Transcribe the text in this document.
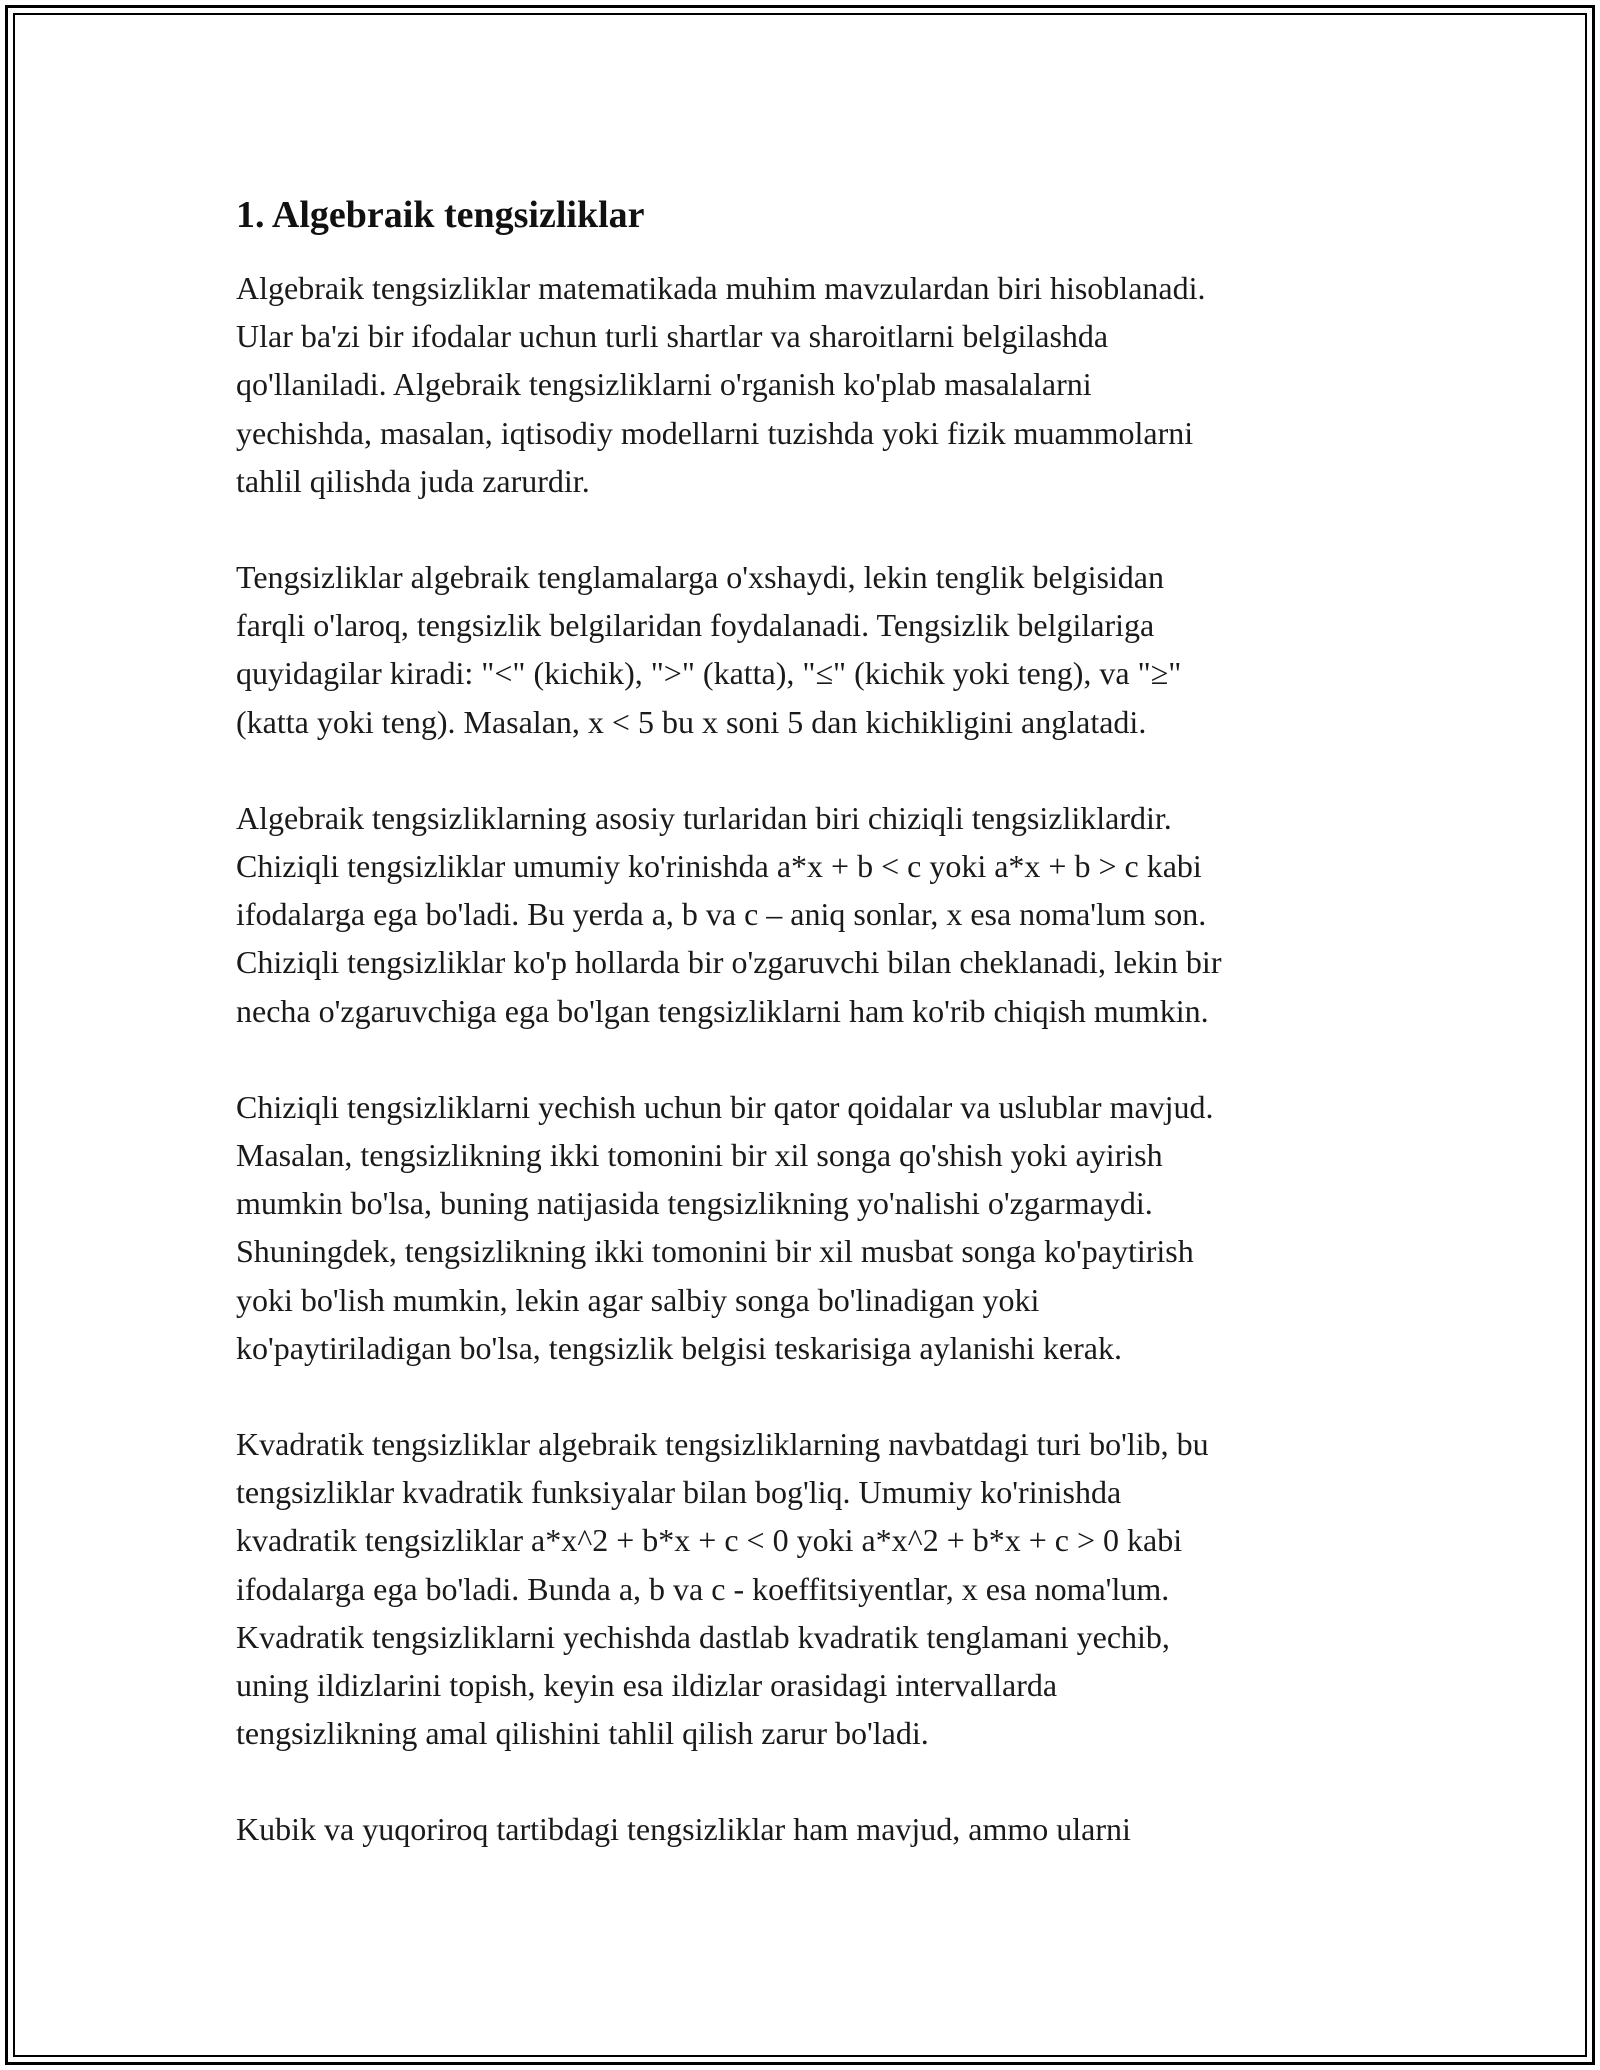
1. Algebraik tengsizliklar

Algebraik tengsizliklar matematikada muhim mavzulardan biri hisoblanadi.
Ular ba'zi bir ifodalar uchun turli shartlar va sharoitlarni belgilashda
qo'llaniladi. Algebraik tengsizliklarni o'rganish ko'plab masalalarni
yechishda, masalan, iqtisodiy modellarni tuzishda yoki fizik muammolarni
tahlil qilishda juda zarurdir.

Tengsizliklar algebraik tenglamalarga o'xshaydi, lekin tenglik belgisidan
farqli o'laroq, tengsizlik belgilaridan foydalanadi. Tengsizlik belgilariga
quyidagilar kiradi: "<" (kichik), ">" (katta), "≤" (kichik yoki teng), va "≥"
(katta yoki teng). Masalan, x < 5 bu x soni 5 dan kichikligini anglatadi.

Algebraik tengsizliklarning asosiy turlaridan biri chiziqli tengsizliklardir.
Chiziqli tengsizliklar umumiy ko'rinishda a*x + b < c yoki a*x + b > c kabi
ifodalarga ega bo'ladi. Bu yerda a, b va c – aniq sonlar, x esa noma'lum son.
Chiziqli tengsizliklar ko'p hollarda bir o'zgaruvchi bilan cheklanadi, lekin bir
necha o'zgaruvchiga ega bo'lgan tengsizliklarni ham ko'rib chiqish mumkin.

Chiziqli tengsizliklarni yechish uchun bir qator qoidalar va uslublar mavjud.
Masalan, tengsizlikning ikki tomonini bir xil songa qo'shish yoki ayirish
mumkin bo'lsa, buning natijasida tengsizlikning yo'nalishi o'zgarmaydi.
Shuningdek, tengsizlikning ikki tomonini bir xil musbat songa ko'paytirish
yoki bo'lish mumkin, lekin agar salbiy songa bo'linadigan yoki
ko'paytiriladigan bo'lsa, tengsizlik belgisi teskarisiga aylanishi kerak.

Kvadratik tengsizliklar algebraik tengsizliklarning navbatdagi turi bo'lib, bu
tengsizliklar kvadratik funksiyalar bilan bog'liq. Umumiy ko'rinishda
kvadratik tengsizliklar a*x^2 + b*x + c < 0 yoki a*x^2 + b*x + c > 0 kabi
ifodalarga ega bo'ladi. Bunda a, b va c - koeffitsiyentlar, x esa noma'lum.
Kvadratik tengsizliklarni yechishda dastlab kvadratik tenglamani yechib,
uning ildizlarini topish, keyin esa ildizlar orasidagi intervallarda
tengsizlikning amal qilishini tahlil qilish zarur bo'ladi.

Kubik va yuqoriroq tartibdagi tengsizliklar ham mavjud, ammo ularni
